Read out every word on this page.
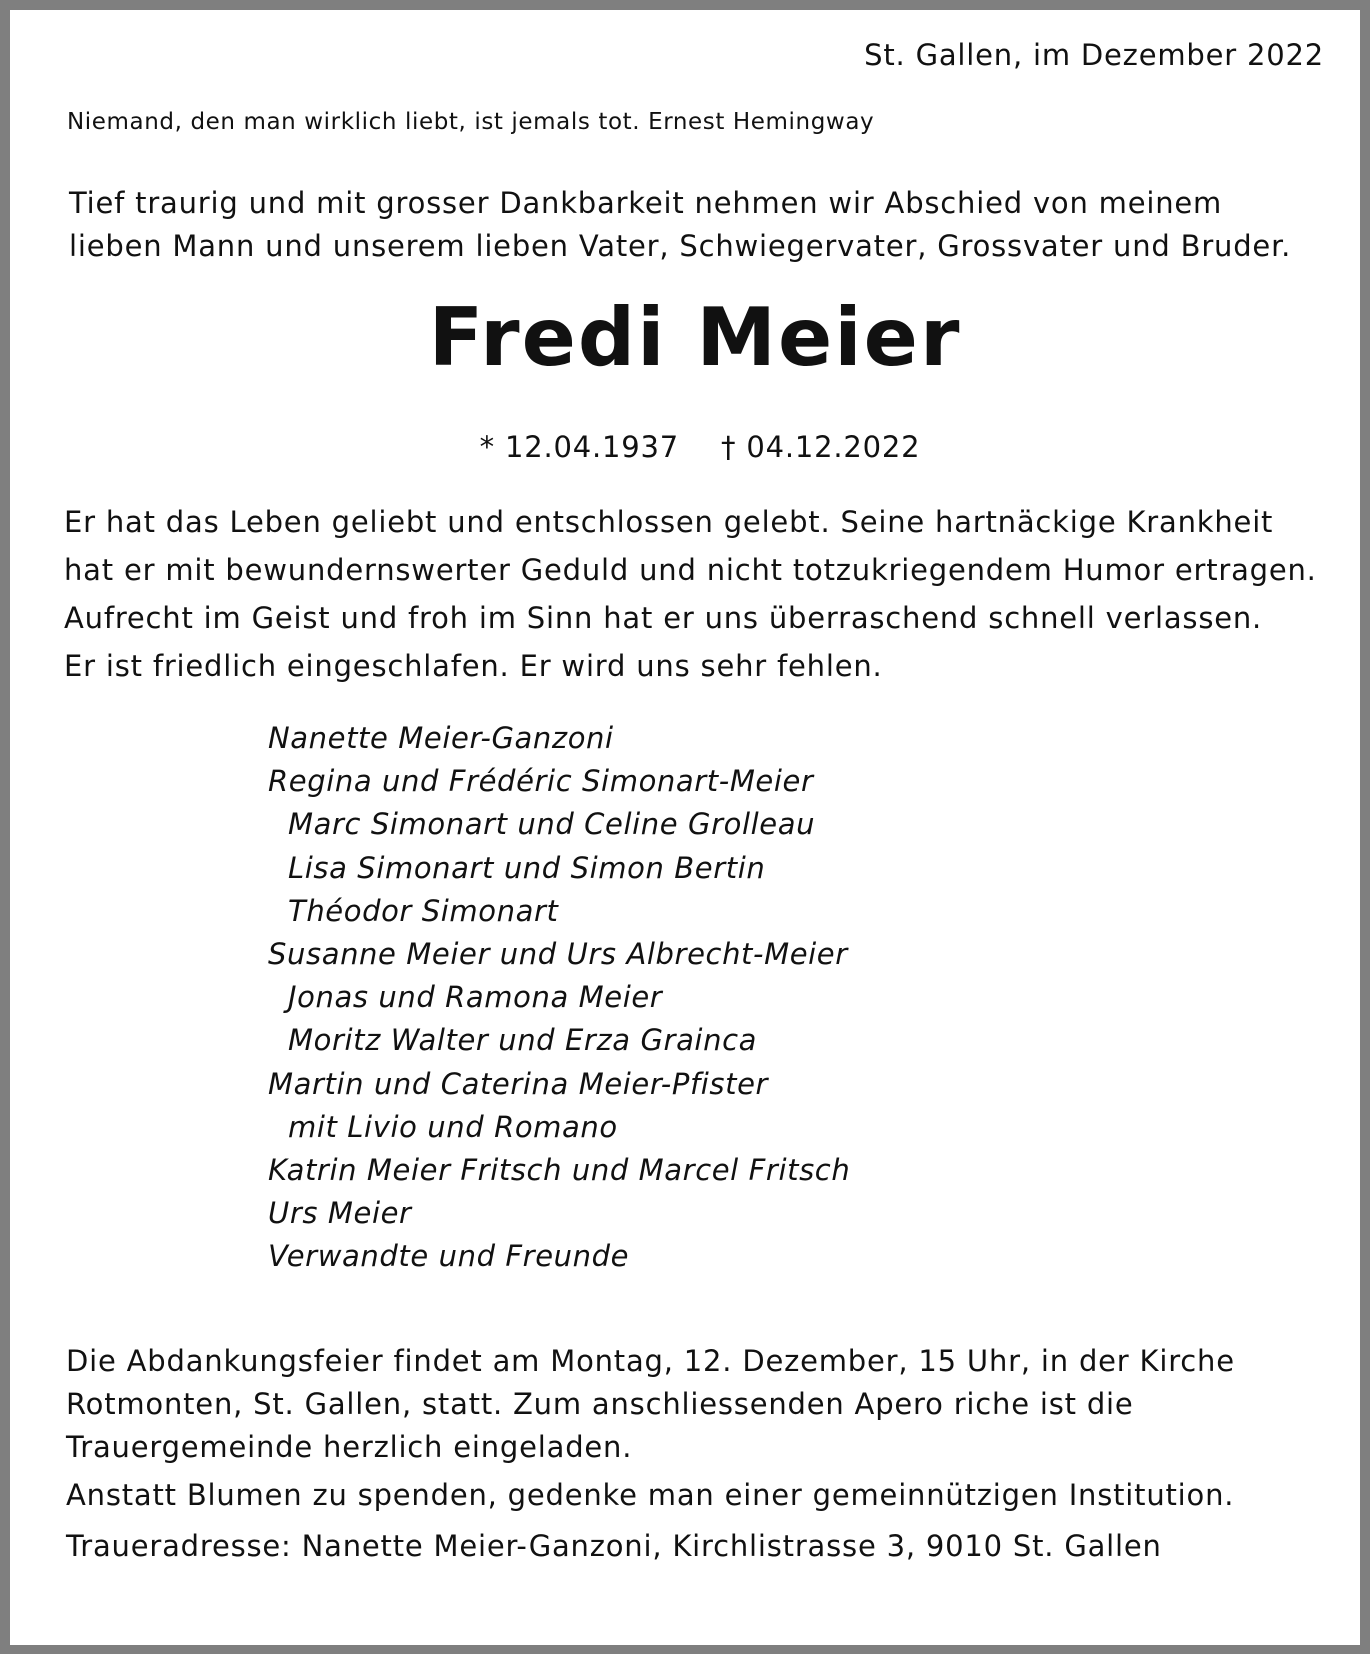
St. Gallen, im Dezember 2022
Niemand, den man wirklich liebt, ist jemals tot. Ernest Hemingway

Tief traurig und mit grosser Dankbarkeit nehmen wir Abschied von meinem
lieben Mann und unserem lieben Vater, Schwiegervater, Grossvater und Bruder.

Fredi Meier
* 12.04.1937 † 04.12.2022
Er hat das Leben geliebt und entschlossen gelebt. Seine hartnäckige Krankheit
hat er mit bewundernswerter Geduld und nicht totzukriegendem Humor ertragen.
Aufrecht im Geist und froh im Sinn hat er uns überraschend schnell verlassen.
Er ist friedlich eingeschlafen. Er wird uns sehr fehlen.
Nanette Meier-Ganzoni
Regina und Frédéric Simonart-Meier
Marc Simonart und Celine Grolleau
Lisa Simonart und Simon Bertin
Théodor Simonart
Susanne Meier und Urs Albrecht-Meier
Jonas und Ramona Meier
Moritz Walter und Erza Grainca
Martin und Caterina Meier-Pfister
mit Livio und Romano
Katrin Meier Fritsch und Marcel Fritsch
Urs Meier
Verwandte und Freunde
Die Abdankungsfeier findet am Montag, 12. Dezember, 15 Uhr, in der Kirche
Rotmonten, St. Gallen, statt. Zum anschliessenden Apero riche ist die
Trauergemeinde herzlich eingeladen.
Anstatt Blumen zu spenden, gedenke man einer gemeinnützigen Institution.
Traueradresse: Nanette Meier-Ganzoni, Kirchlistrasse 3, 9010 St. Gallen
